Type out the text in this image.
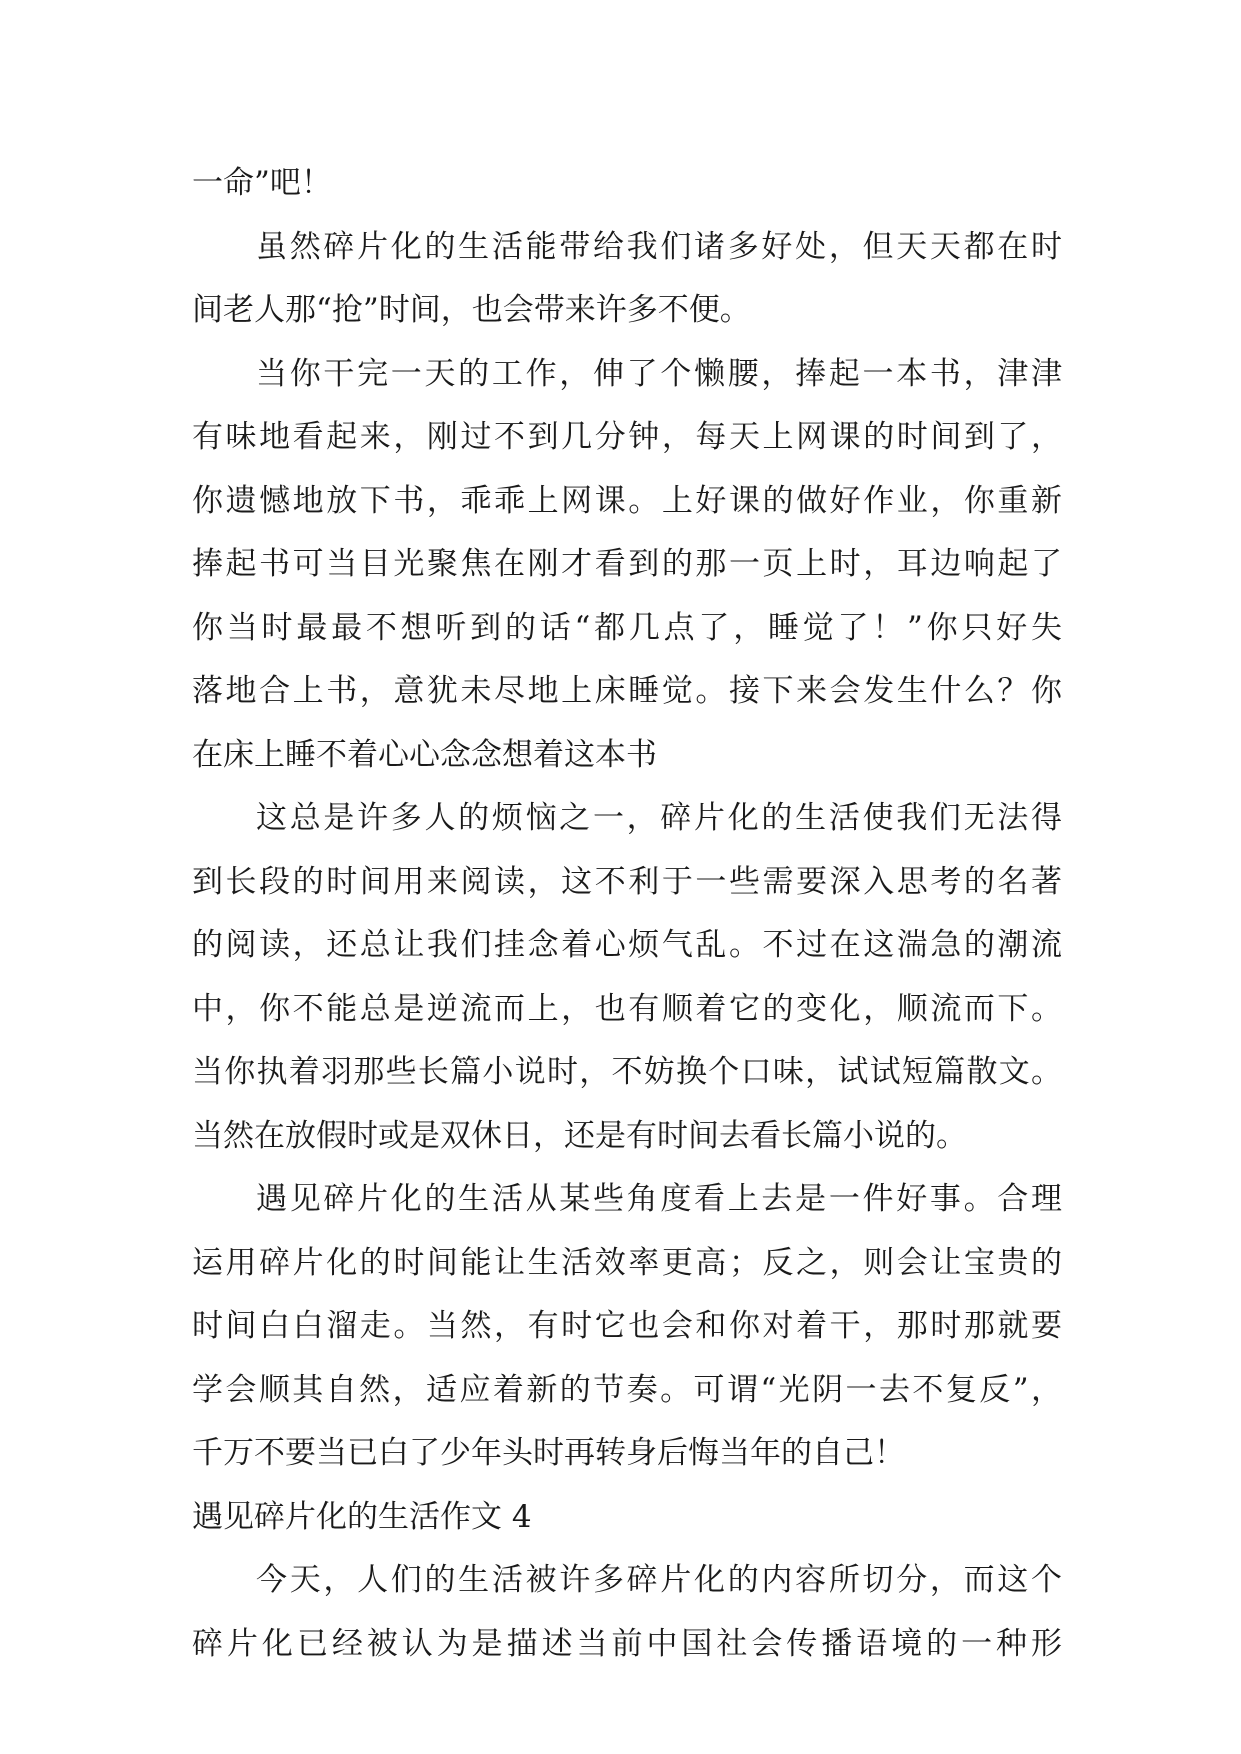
一命”吧！
虽然碎片化的生活能带给我们诸多好处，但天天都在时
间老人那“抢”时间，也会带来许多不便。
当你干完一天的工作，伸了个懒腰，捧起一本书，津津
有味地看起来，刚过不到几分钟，每天上网课的时间到了，
你遗憾地放下书，乖乖上网课。上好课的做好作业，你重新
捧起书可当目光聚焦在刚才看到的那一页上时，耳边响起了
你当时最最不想听到的话“都几点了，睡觉了！”你只好失
落地合上书，意犹未尽地上床睡觉。接下来会发生什么？你
在床上睡不着心心念念想着这本书
这总是许多人的烦恼之一，碎片化的生活使我们无法得
到长段的时间用来阅读，这不利于一些需要深入思考的名著
的阅读，还总让我们挂念着心烦气乱。不过在这湍急的潮流
中，你不能总是逆流而上，也有顺着它的变化，顺流而下。
当你执着羽那些长篇小说时，不妨换个口味，试试短篇散文。
当然在放假时或是双休日，还是有时间去看长篇小说的。
遇见碎片化的生活从某些角度看上去是一件好事。合理
运用碎片化的时间能让生活效率更高；反之，则会让宝贵的
时间白白溜走。当然，有时它也会和你对着干，那时那就要
学会顺其自然，适应着新的节奏。可谓“光阴一去不复反”，
千万不要当已白了少年头时再转身后悔当年的自己！
遇见碎片化的生活作文 4
今天，人们的生活被许多碎片化的内容所切分，而这个
碎片化已经被认为是描述当前中国社会传播语境的一种形
